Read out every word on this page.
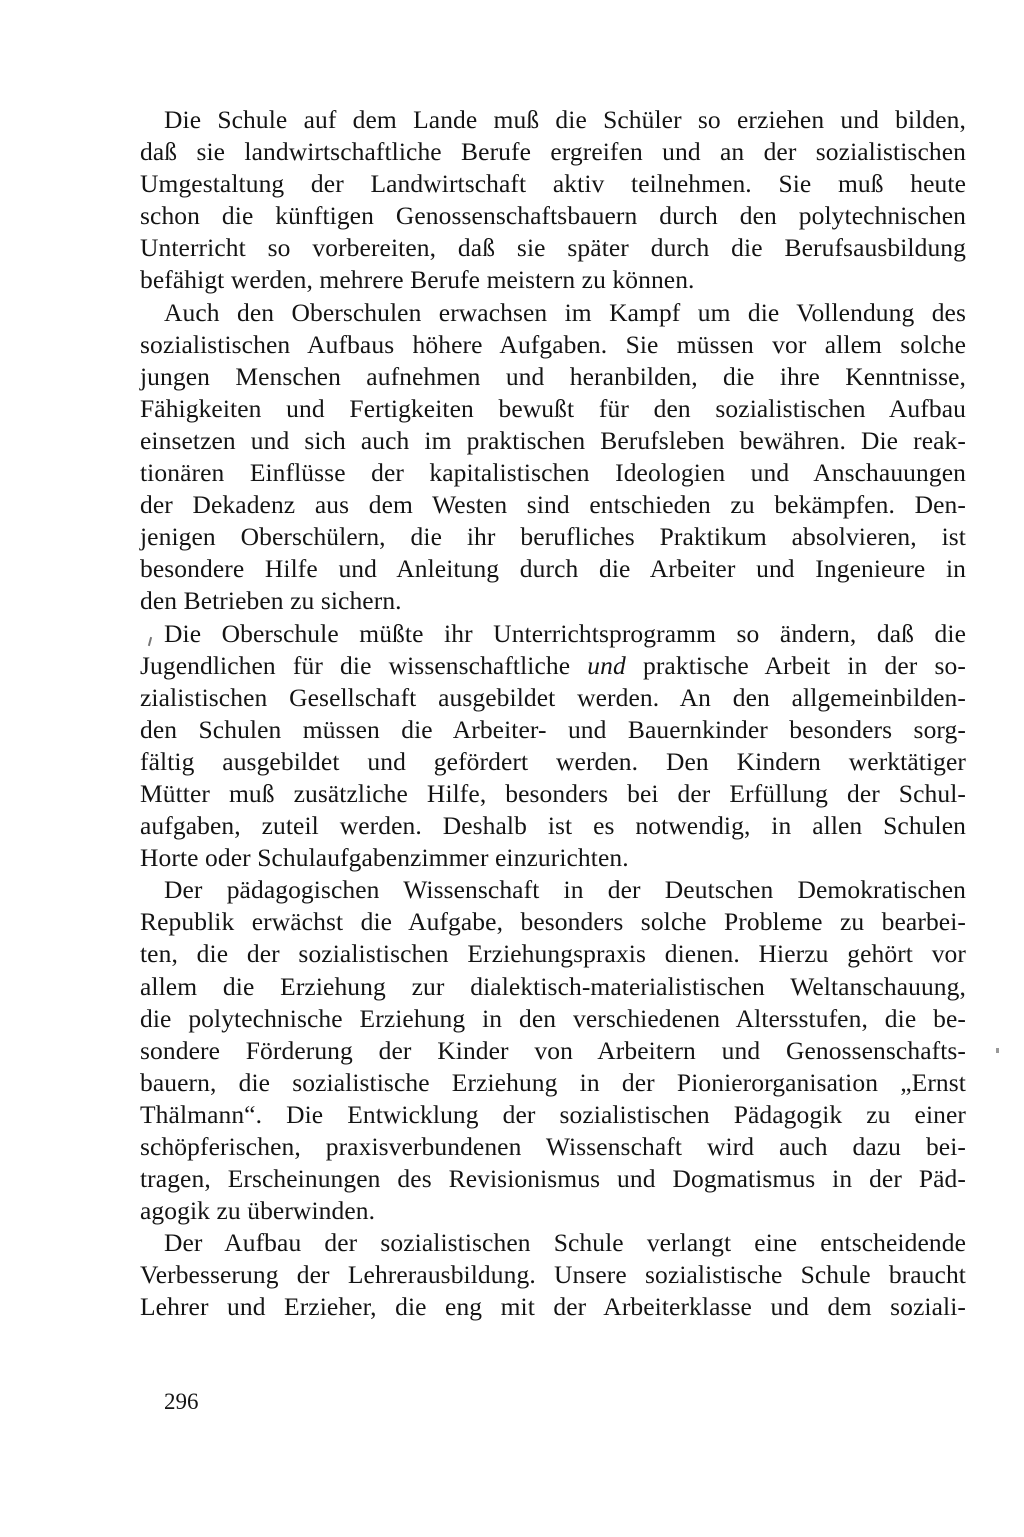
Die Schule auf dem Lande muß die Schüler so erziehen und bilden,
daß sie landwirtschaftliche Berufe ergreifen und an der sozialistischen
Umgestaltung der Landwirtschaft aktiv teilnehmen. Sie muß heute
schon die künftigen Genossenschaftsbauern durch den polytechnischen
Unterricht so vorbereiten, daß sie später durch die Berufsausbildung
befähigt werden, mehrere Berufe meistern zu können.
Auch den Oberschulen erwachsen im Kampf um die Vollendung des
sozialistischen Aufbaus höhere Aufgaben. Sie müssen vor allem solche
jungen Menschen aufnehmen und heranbilden, die ihre Kenntnisse,
Fähigkeiten und Fertigkeiten bewußt für den sozialistischen Aufbau
einsetzen und sich auch im praktischen Berufsleben bewähren. Die reak-
tionären Einflüsse der kapitalistischen Ideologien und Anschauungen
der Dekadenz aus dem Westen sind entschieden zu bekämpfen. Den-
jenigen Oberschülern, die ihr berufliches Praktikum absolvieren, ist
besondere Hilfe und Anleitung durch die Arbeiter und Ingenieure in
den Betrieben zu sichern.
Die Oberschule müßte ihr Unterrichtsprogramm so ändern, daß die
Jugendlichen für die wissenschaftliche und praktische Arbeit in der so-
zialistischen Gesellschaft ausgebildet werden. An den allgemeinbilden-
den Schulen müssen die Arbeiter- und Bauernkinder besonders sorg-
fältig ausgebildet und gefördert werden. Den Kindern werktätiger
Mütter muß zusätzliche Hilfe, besonders bei der Erfüllung der Schul-
aufgaben, zuteil werden. Deshalb ist es notwendig, in allen Schulen
Horte oder Schulaufgabenzimmer einzurichten.
Der pädagogischen Wissenschaft in der Deutschen Demokratischen
Republik erwächst die Aufgabe, besonders solche Probleme zu bearbei-
ten, die der sozialistischen Erziehungspraxis dienen. Hierzu gehört vor
allem die Erziehung zur dialektisch-materialistischen Weltanschauung,
die polytechnische Erziehung in den verschiedenen Altersstufen, die be-
sondere Förderung der Kinder von Arbeitern und Genossenschafts-
bauern, die sozialistische Erziehung in der Pionierorganisation „Ernst
Thälmann“. Die Entwicklung der sozialistischen Pädagogik zu einer
schöpferischen, praxisverbundenen Wissenschaft wird auch dazu bei-
tragen, Erscheinungen des Revisionismus und Dogmatismus in der Päd-
agogik zu überwinden.
Der Aufbau der sozialistischen Schule verlangt eine entscheidende
Verbesserung der Lehrerausbildung. Unsere sozialistische Schule braucht
Lehrer und Erzieher, die eng mit der Arbeiterklasse und dem soziali-
296
